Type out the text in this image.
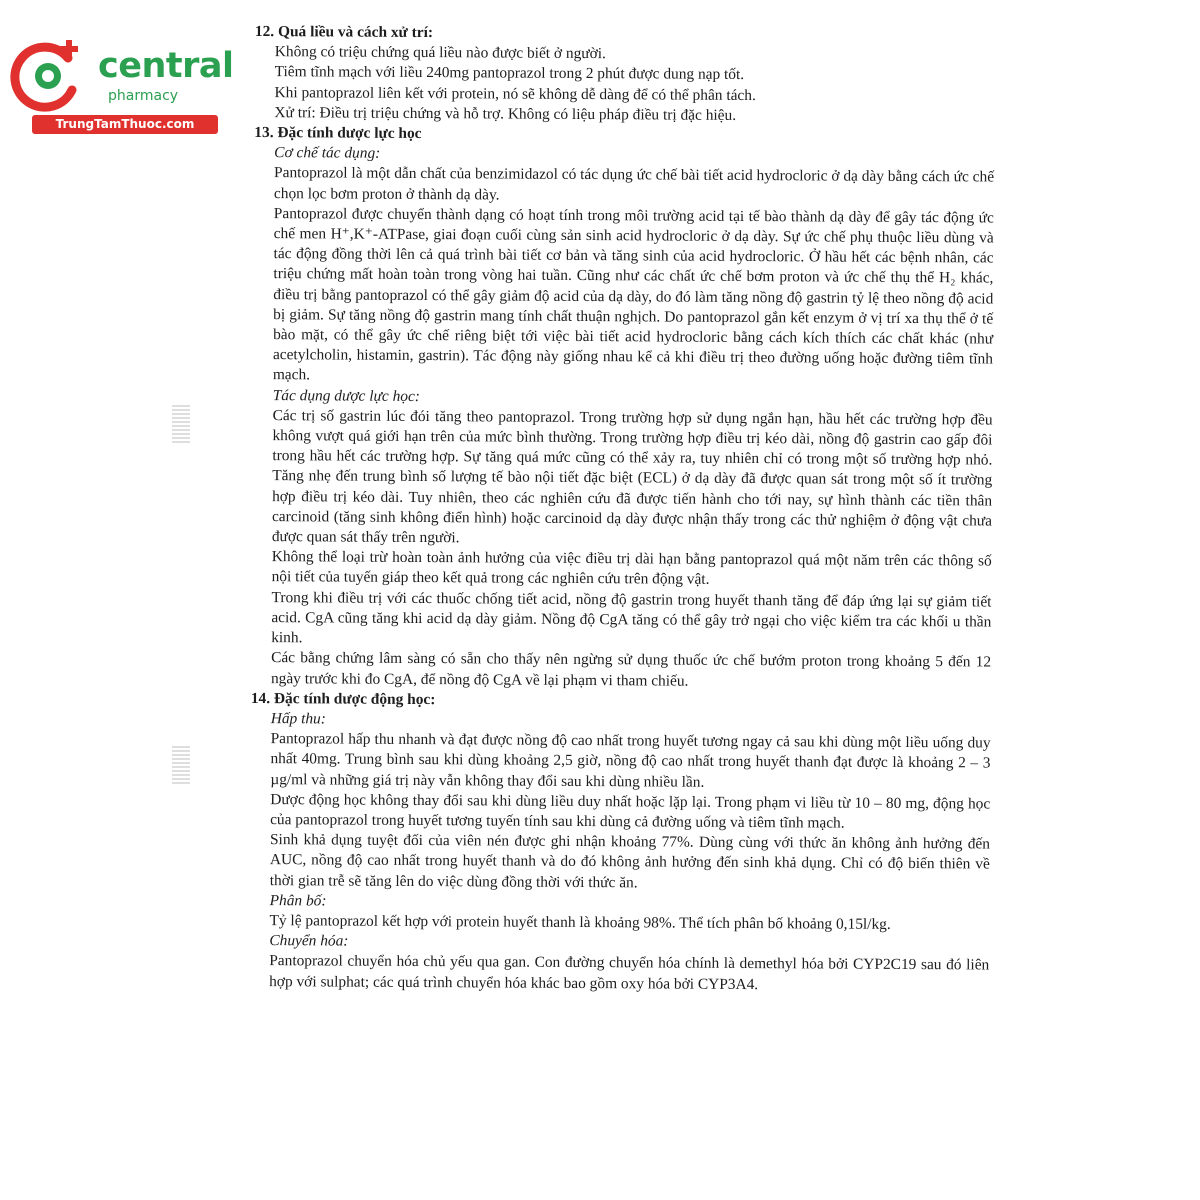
central
pharmacy
TrungTamThuoc.com
12. Quá liều và cách xử trí:
Không có triệu chứng quá liều nào được biết ở người.
Tiêm tĩnh mạch với liều 240mg pantoprazol trong 2 phút được dung nạp tốt.
Khi pantoprazol liên kết với protein, nó sẽ không dễ dàng để có thể phân tách.
Xử trí: Điều trị triệu chứng và hỗ trợ. Không có liệu pháp điều trị đặc hiệu.
13. Đặc tính dược lực học
Cơ chế tác dụng:
Pantoprazol là một dẫn chất của benzimidazol có tác dụng ức chế bài tiết acid hydrocloric ở dạ dày bằng cách ức chế chọn lọc bơm proton ở thành dạ dày.
Pantoprazol được chuyển thành dạng có hoạt tính trong môi trường acid tại tế bào thành dạ dày để gây tác động ức chế men H⁺,K⁺-ATPase, giai đoạn cuối cùng sản sinh acid hydrocloric ở dạ dày. Sự ức chế phụ thuộc liều dùng và tác động đồng thời lên cả quá trình bài tiết cơ bản và tăng sinh của acid hydrocloric. Ở hầu hết các bệnh nhân, các triệu chứng mất hoàn toàn trong vòng hai tuần. Cũng như các chất ức chế bơm proton và ức chế thụ thể H₂ khác, điều trị bằng pantoprazol có thể gây giảm độ acid của dạ dày, do đó làm tăng nồng độ gastrin tỷ lệ theo nồng độ acid bị giảm. Sự tăng nồng độ gastrin mang tính chất thuận nghịch. Do pantoprazol gắn kết enzym ở vị trí xa thụ thể ở tế bào mặt, có thể gây ức chế riêng biệt tới việc bài tiết acid hydrocloric bằng cách kích thích các chất khác (như acetylcholin, histamin, gastrin). Tác động này giống nhau kể cả khi điều trị theo đường uống hoặc đường tiêm tĩnh mạch.
Tác dụng dược lực học:
Các trị số gastrin lúc đói tăng theo pantoprazol. Trong trường hợp sử dụng ngắn hạn, hầu hết các trường hợp đều không vượt quá giới hạn trên của mức bình thường. Trong trường hợp điều trị kéo dài, nồng độ gastrin cao gấp đôi trong hầu hết các trường hợp. Sự tăng quá mức cũng có thể xảy ra, tuy nhiên chỉ có trong một số trường hợp nhỏ. Tăng nhẹ đến trung bình số lượng tế bào nội tiết đặc biệt (ECL) ở dạ dày đã được quan sát trong một số ít trường hợp điều trị kéo dài. Tuy nhiên, theo các nghiên cứu đã được tiến hành cho tới nay, sự hình thành các tiền thân carcinoid (tăng sinh không điển hình) hoặc carcinoid dạ dày được nhận thấy trong các thử nghiệm ở động vật chưa được quan sát thấy trên người.
Không thể loại trừ hoàn toàn ảnh hưởng của việc điều trị dài hạn bằng pantoprazol quá một năm trên các thông số nội tiết của tuyến giáp theo kết quả trong các nghiên cứu trên động vật.
Trong khi điều trị với các thuốc chống tiết acid, nồng độ gastrin trong huyết thanh tăng để đáp ứng lại sự giảm tiết acid. CgA cũng tăng khi acid dạ dày giảm. Nồng độ CgA tăng có thể gây trở ngại cho việc kiểm tra các khối u thần kinh.
Các bằng chứng lâm sàng có sẵn cho thấy nên ngừng sử dụng thuốc ức chế bướm proton trong khoảng 5 đến 12 ngày trước khi đo CgA, để nồng độ CgA về lại phạm vi tham chiếu.
14. Đặc tính dược động học:
Hấp thu:
Pantoprazol hấp thu nhanh và đạt được nồng độ cao nhất trong huyết tương ngay cả sau khi dùng một liều uống duy nhất 40mg. Trung bình sau khi dùng khoảng 2,5 giờ, nồng độ cao nhất trong huyết thanh đạt được là khoảng 2 – 3 µg/ml và những giá trị này vẫn không thay đổi sau khi dùng nhiều lần.
Dược động học không thay đổi sau khi dùng liều duy nhất hoặc lặp lại. Trong phạm vi liều từ 10 – 80 mg, động học của pantoprazol trong huyết tương tuyến tính sau khi dùng cả đường uống và tiêm tĩnh mạch.
Sinh khả dụng tuyệt đối của viên nén được ghi nhận khoảng 77%. Dùng cùng với thức ăn không ảnh hưởng đến AUC, nồng độ cao nhất trong huyết thanh và do đó không ảnh hưởng đến sinh khả dụng. Chỉ có độ biến thiên về thời gian trễ sẽ tăng lên do việc dùng đồng thời với thức ăn.
Phân bố:
Tỷ lệ pantoprazol kết hợp với protein huyết thanh là khoảng 98%. Thể tích phân bố khoảng 0,15l/kg.
Chuyển hóa:
Pantoprazol chuyển hóa chủ yếu qua gan. Con đường chuyển hóa chính là demethyl hóa bởi CYP2C19 sau đó liên hợp với sulphat; các quá trình chuyển hóa khác bao gồm oxy hóa bởi CYP3A4.
